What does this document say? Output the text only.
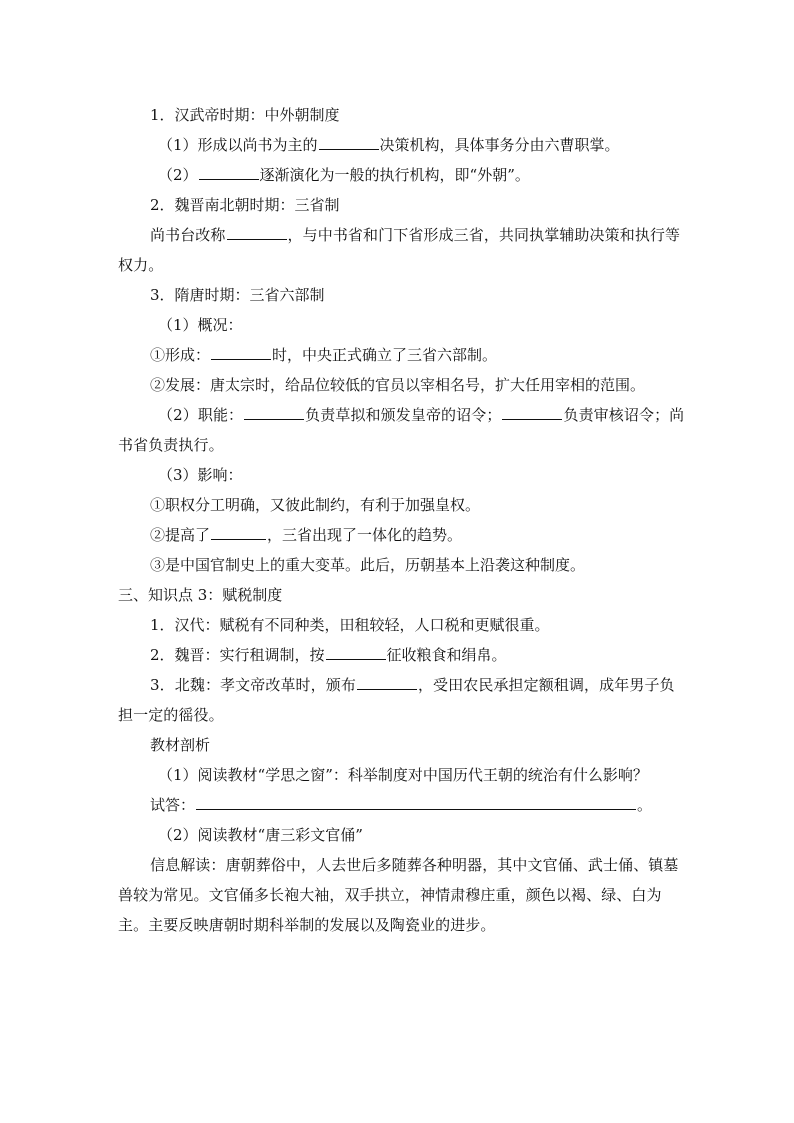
1．汉武帝时期：中外朝制度

（1）形成以尚书为主的	决策机构，具体事务分由六曹职掌。

（2）	逐渐演化为一般的执行机构，即“外朝”。

2．魏晋南北朝时期：三省制

尚书台改称	，与中书省和门下省形成三省，共同执掌辅助决策和执行等权力。

3．隋唐时期：三省六部制

（1）概况：

①形成：	时，中央正式确立了三省六部制。

②发展：唐太宗时，给品位较低的官员以宰相名号，扩大任用宰相的范围。

（2）职能：	负责草拟和颁发皇帝的诏令；	负责审核诏令；尚书省负责执行。

（3）影响：

①职权分工明确，又彼此制约，有利于加强皇权。

②提高了	，三省出现了一体化的趋势。

③是中国官制史上的重大变革。此后，历朝基本上沿袭这种制度。

三、知识点 3：赋税制度

1．汉代：赋税有不同种类，田租较轻，人口税和更赋很重。

2．魏晋：实行租调制，按	征收粮食和绢帛。

3．北魏：孝文帝改革时，颁布	，受田农民承担定额租调，成年男子负担一定的徭役。

教材剖析

（1）阅读教材“学思之窗”：科举制度对中国历代王朝的统治有什么影响？

试答：	。

（2）阅读教材“唐三彩文官俑”

信息解读：唐朝葬俗中，人去世后多随葬各种明器，其中文官俑、武士俑、镇墓兽较为常见。文官俑多长袍大袖，双手拱立，神情肃穆庄重，颜色以褐、绿、白为主。主要反映唐朝时期科举制的发展以及陶瓷业的进步。
